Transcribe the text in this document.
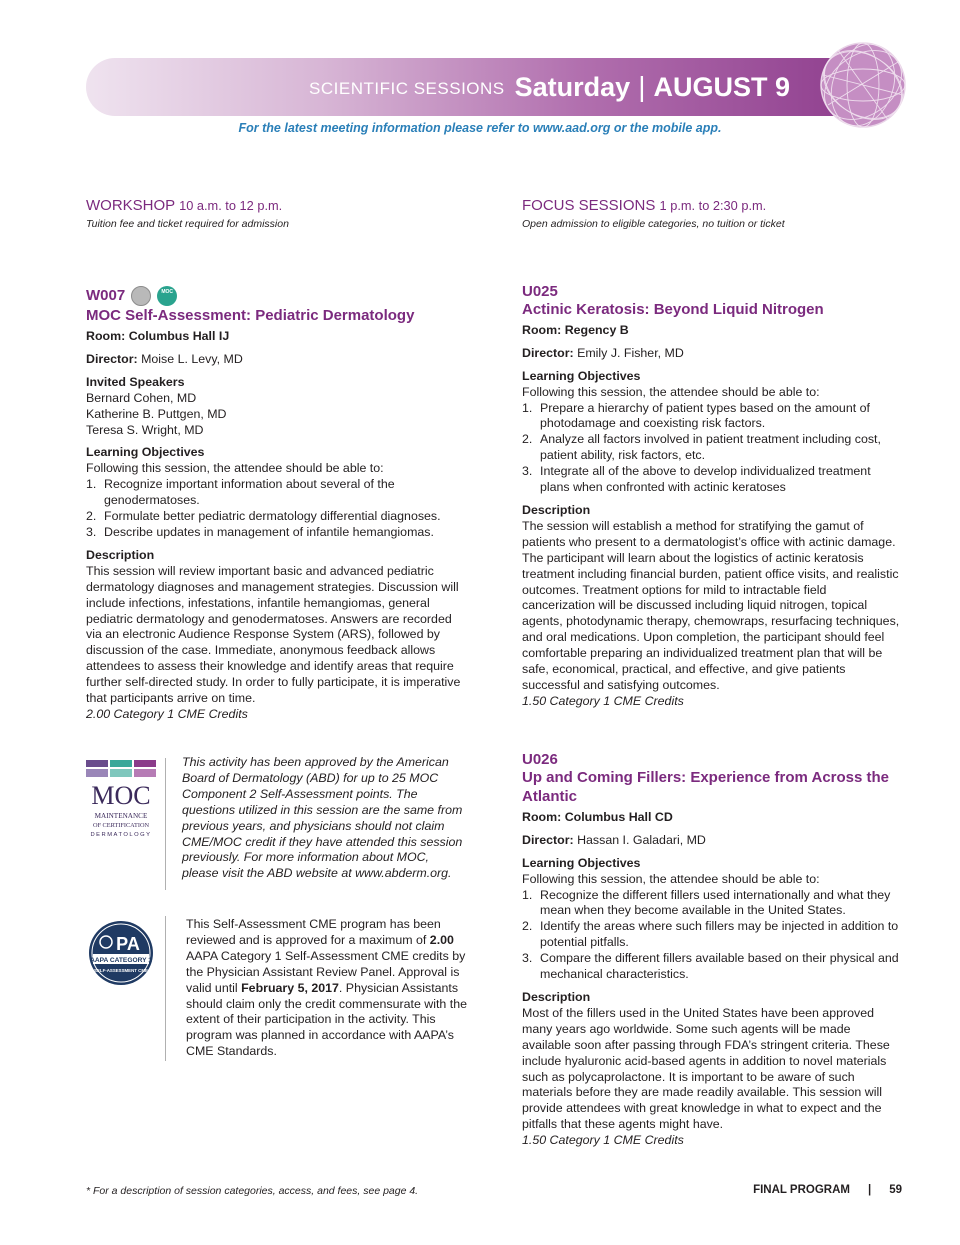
SCIENTIFIC SESSIONS Saturday | AUGUST 9
For the latest meeting information please refer to www.aad.org or the mobile app.
WORKSHOP 10 a.m. to 12 p.m.
Tuition fee and ticket required for admission
W007	MOC
MOC Self-Assessment: Pediatric Dermatology
Room: Columbus Hall IJ
Director: Moise L. Levy, MD
Invited Speakers
Bernard Cohen, MD
Katherine B. Puttgen, MD
Teresa S. Wright, MD
Learning Objectives
Following this session, the attendee should be able to:
1. Recognize important information about several of the genodermatoses.
2. Formulate better pediatric dermatology differential diagnoses.
3. Describe updates in management of infantile hemangiomas.
Description
This session will review important basic and advanced pediatric dermatology diagnoses and management strategies. Discussion will include infections, infestations, infantile hemangiomas, general pediatric dermatology and genodermatoses. Answers are recorded via an electronic Audience Response System (ARS), followed by discussion of the case. Immediate, anonymous feedback allows attendees to assess their knowledge and identify areas that require further self-directed study. In order to fully participate, it is imperative that participants arrive on time.
2.00 Category 1 CME Credits
MOC
MAINTENANCE
OF CERTIFICATION
DERMATOLOGY
This activity has been approved by the American Board of Dermatology (ABD) for up to 25 MOC Component 2 Self-Assessment points. The questions utilized in this session are the same from previous years, and physicians should not claim CME/MOC credit if they have attended this session previously. For more information about MOC, please visit the ABD website at www.abderm.org.
PA
AAPA CATEGORY 1
SELF-ASSESSMENT CME
This Self-Assessment CME program has been reviewed and is approved for a maximum of 2.00 AAPA Category 1 Self-Assessment CME credits by the Physician Assistant Review Panel. Approval is valid until February 5, 2017. Physician Assistants should claim only the credit commensurate with the extent of their participation in the activity. This program was planned in accordance with AAPA’s CME Standards.
FOCUS SESSIONS 1 p.m. to 2:30 p.m.
Open admission to eligible categories, no tuition or ticket
U025
Actinic Keratosis: Beyond Liquid Nitrogen
Room: Regency B
Director: Emily J. Fisher, MD
Learning Objectives
Following this session, the attendee should be able to:
1. Prepare a hierarchy of patient types based on the amount of photodamage and coexisting risk factors.
2. Analyze all factors involved in patient treatment including cost, patient ability, risk factors, etc.
3. Integrate all of the above to develop individualized treatment plans when confronted with actinic keratoses
Description
The session will establish a method for stratifying the gamut of patients who present to a dermatologist’s office with actinic damage. The participant will learn about the logistics of actinic keratosis treatment including financial burden, patient office visits, and realistic outcomes. Treatment options for mild to intractable field cancerization will be discussed including liquid nitrogen, topical agents, photodynamic therapy, chemowraps, resurfacing techniques, and oral medications. Upon completion, the participant should feel comfortable preparing an individualized treatment plan that will be safe, economical, practical, and effective, and give patients successful and satisfying outcomes.
1.50 Category 1 CME Credits
U026
Up and Coming Fillers: Experience from Across the Atlantic
Room: Columbus Hall CD
Director: Hassan I. Galadari, MD
Learning Objectives
Following this session, the attendee should be able to:
1. Recognize the different fillers used internationally and what they mean when they become available in the United States.
2. Identify the areas where such fillers may be injected in addition to potential pitfalls.
3. Compare the different fillers available based on their physical and mechanical characteristics.
Description
Most of the fillers used in the United States have been approved many years ago worldwide. Some such agents will be made available soon after passing through FDA’s stringent criteria. These include hyaluronic acid-based agents in addition to novel materials such as polycaprolactone. It is important to be aware of such materials before they are made readily available. This session will provide attendees with great knowledge in what to expect and the pitfalls that these agents might have.
1.50 Category 1 CME Credits
* For a description of session categories, access, and fees, see page 4.	FINAL PROGRAM | 59
